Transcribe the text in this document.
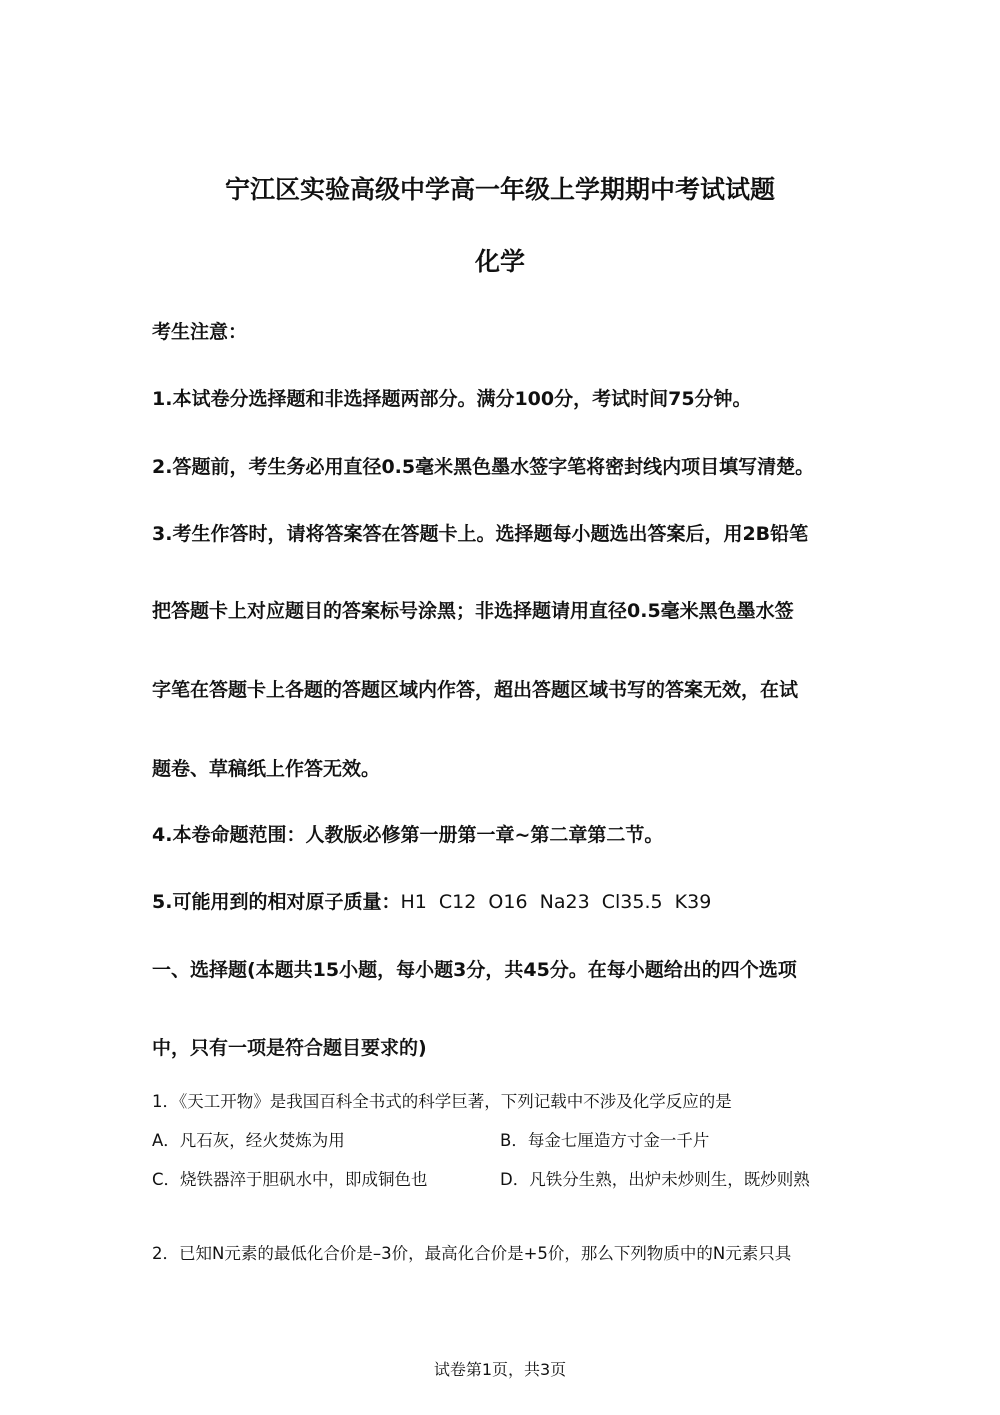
宁江区实验高级中学高一年级上学期期中考试试题
化学
考生注意：
1.本试卷分选择题和非选择题两部分。满分100分，考试时间75分钟。
2.答题前，考生务必用直径0.5毫米黑色墨水签字笔将密封线内项目填写清楚。
3.考生作答时，请将答案答在答题卡上。选择题每小题选出答案后，用2B铅笔
把答题卡上对应题目的答案标号涂黑；非选择题请用直径0.5毫米黑色墨水签
字笔在答题卡上各题的答题区域内作答，超出答题区域书写的答案无效，在试
题卷、草稿纸上作答无效。
4.本卷命题范围：人教版必修第一册第一章~第二章第二节。
5.可能用到的相对原子质量：H1  C12  O16  Na23  Cl35.5  K39
一、选择题(本题共15小题，每小题3分，共45分。在每小题给出的四个选项
中，只有一项是符合题目要求的)
1．《天工开物》是我国百科全书式的科学巨著，下列记载中不涉及化学反应的是
A．凡石灰，经火焚炼为用	B．每金七厘造方寸金一千片
C．烧铁器淬于胆矾水中，即成铜色也	D．凡铁分生熟，出炉未炒则生，既炒则熟
2．已知N元素的最低化合价是–3价，最高化合价是+5价，那么下列物质中的N元素只具
试卷第1页，共3页
